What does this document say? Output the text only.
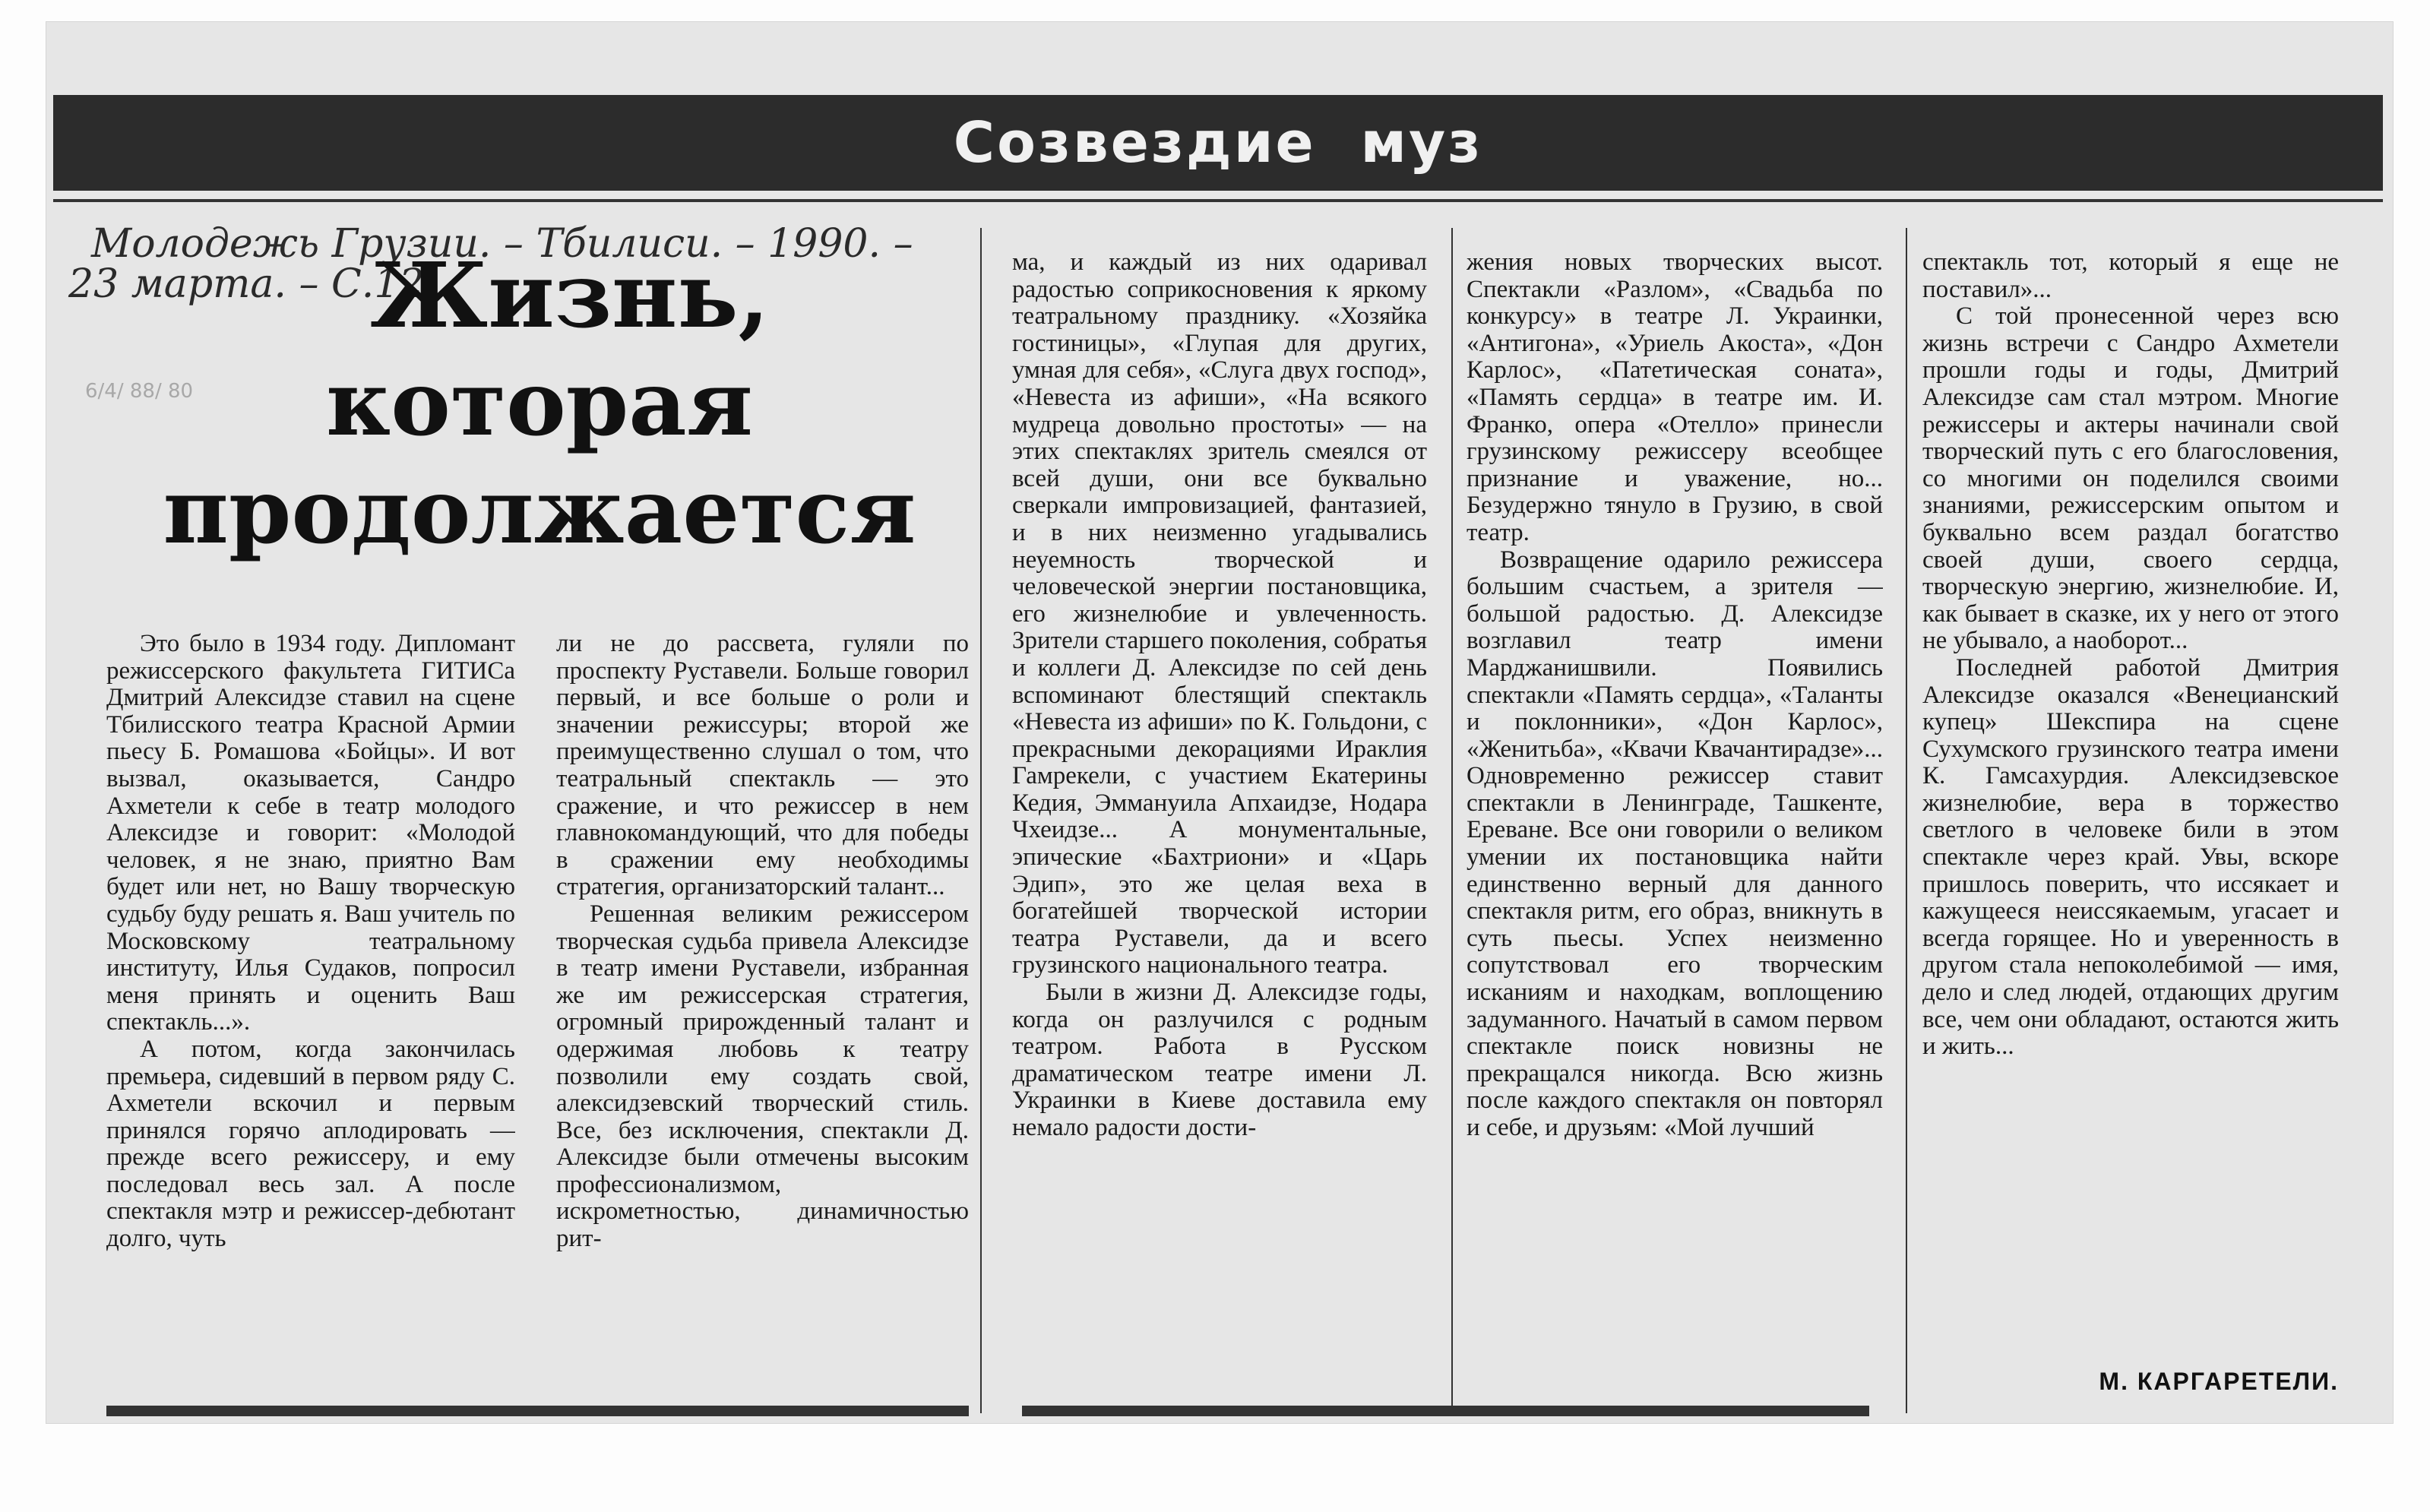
Созвездие муз
Молодежь Грузии. – Тбилиси. – 1990. –
23 марта. – С.12.
6/4/ 88/ 80
Жизнь,
которая
продолжается

Это было в 1934 году. Дипломант режиссерского факультета ГИТИСа Дмитрий Алексидзе ставил на сцене Тбилисского театра Красной Армии пьесу Б. Ромашова «Бойцы». И вот вызвал, оказывается, Сандро Ахметели к себе в театр молодого Алексидзе и говорит: «Молодой человек, я не знаю, приятно Вам будет или нет, но Вашу творческую судьбу буду решать я. Ваш учитель по Московскому театральному институту, Илья Судаков, попросил меня принять и оценить Ваш спектакль...».

А потом, когда закончилась премьера, сидевший в первом ряду С. Ахметели вскочил и первым принялся горячо аплодировать — прежде всего режиссеру, и ему последовал весь зал. А после спектакля мэтр и режиссер-дебютант долго, чуть

ли не до рассвета, гуляли по проспекту Руставели. Больше говорил первый, и все больше о роли и значении режиссуры; второй же преимущественно слушал о том, что театральный спектакль — это сражение, и что режиссер в нем главнокомандующий, что для победы в сражении ему необходимы стратегия, организаторский талант...

Решенная великим режиссером творческая судьба привела Алексидзе в театр имени Руставели, избранная же им режиссерская стратегия, огромный прирожденный талант и одержимая любовь к театру позволили ему создать свой, алексидзевский творческий стиль. Все, без исключения, спектакли Д. Алексидзе были отмечены высоким профессионализмом, искрометностью, динамичностью рит-

ма, и каждый из них одаривал радостью соприкосновения к яркому театральному празднику. «Хозяйка гостиницы», «Глупая для других, умная для себя», «Слуга двух господ», «Невеста из афиши», «На всякого мудреца довольно простоты» — на этих спектаклях зритель смеялся от всей души, они все буквально сверкали импровизацией, фантазией, и в них неизменно угадывались неуемность творческой и человеческой энергии постановщика, его жизнелюбие и увлеченность. Зрители старшего поколения, собратья и коллеги Д. Алексидзе по сей день вспоминают блестящий спектакль «Невеста из афиши» по К. Гольдони, с прекрасными декорациями Ираклия Гамрекели, с участием Екатерины Кедия, Эммануила Апхаидзе, Нодара Чхеидзе... А монументальные, эпические «Бахтриони» и «Царь Эдип», это же целая веха в богатейшей творческой истории театра Руставели, да и всего грузинского национального театра.

Были в жизни Д. Алексидзе годы, когда он разлучился с родным театром. Работа в Русском драматическом театре имени Л. Украинки в Киеве доставила ему немало радости дости-

жения новых творческих высот. Спектакли «Разлом», «Свадьба по конкурсу» в театре Л. Украинки, «Антигона», «Уриель Акоста», «Дон Карлос», «Патетическая соната», «Память сердца» в театре им. И. Франко, опера «Отелло» принесли грузинскому режиссеру всеобщее признание и уважение, но... Безудержно тянуло в Грузию, в свой театр.

Возвращение одарило режиссера большим счастьем, а зрителя — большой радостью. Д. Алексидзе возглавил театр имени Марджанишвили. Появились спектакли «Память сердца», «Таланты и поклонники», «Дон Карлос», «Женитьба», «Квачи Квачантирадзе»... Одновременно режиссер ставит спектакли в Ленинграде, Ташкенте, Ереване. Все они говорили о великом умении их постановщика найти единственно верный для данного спектакля ритм, его образ, вникнуть в суть пьесы. Успех неизменно сопутствовал его творческим исканиям и находкам, воплощению задуманного. Начатый в самом первом спектакле поиск новизны не прекращался никогда. Всю жизнь после каждого спектакля он повторял и себе, и друзьям: «Мой лучший

спектакль тот, который я еще не поставил»...

С той пронесенной через всю жизнь встречи с Сандро Ахметели прошли годы и годы, Дмитрий Алексидзе сам стал мэтром. Многие режиссеры и актеры начинали свой творческий путь с его благословения, со многими он поделился своими знаниями, режиссерским опытом и буквально всем раздал богатство своей души, своего сердца, творческую энергию, жизнелюбие. И, как бывает в сказке, их у него от этого не убывало, а наоборот...

Последней работой Дмитрия Алексидзе оказался «Венецианский купец» Шекспира на сцене Сухумского грузинского театра имени К. Гамсахурдия. Алексидзевское жизнелюбие, вера в торжество светлого в человеке били в этом спектакле через край. Увы, вскоре пришлось поверить, что иссякает и кажущееся неиссякаемым, угасает и всегда горящее. Но и уверенность в другом стала непоколебимой — имя, дело и след людей, отдающих другим все, чем они обладают, остаются жить и жить...

М. КАРГАРЕТЕЛИ.
